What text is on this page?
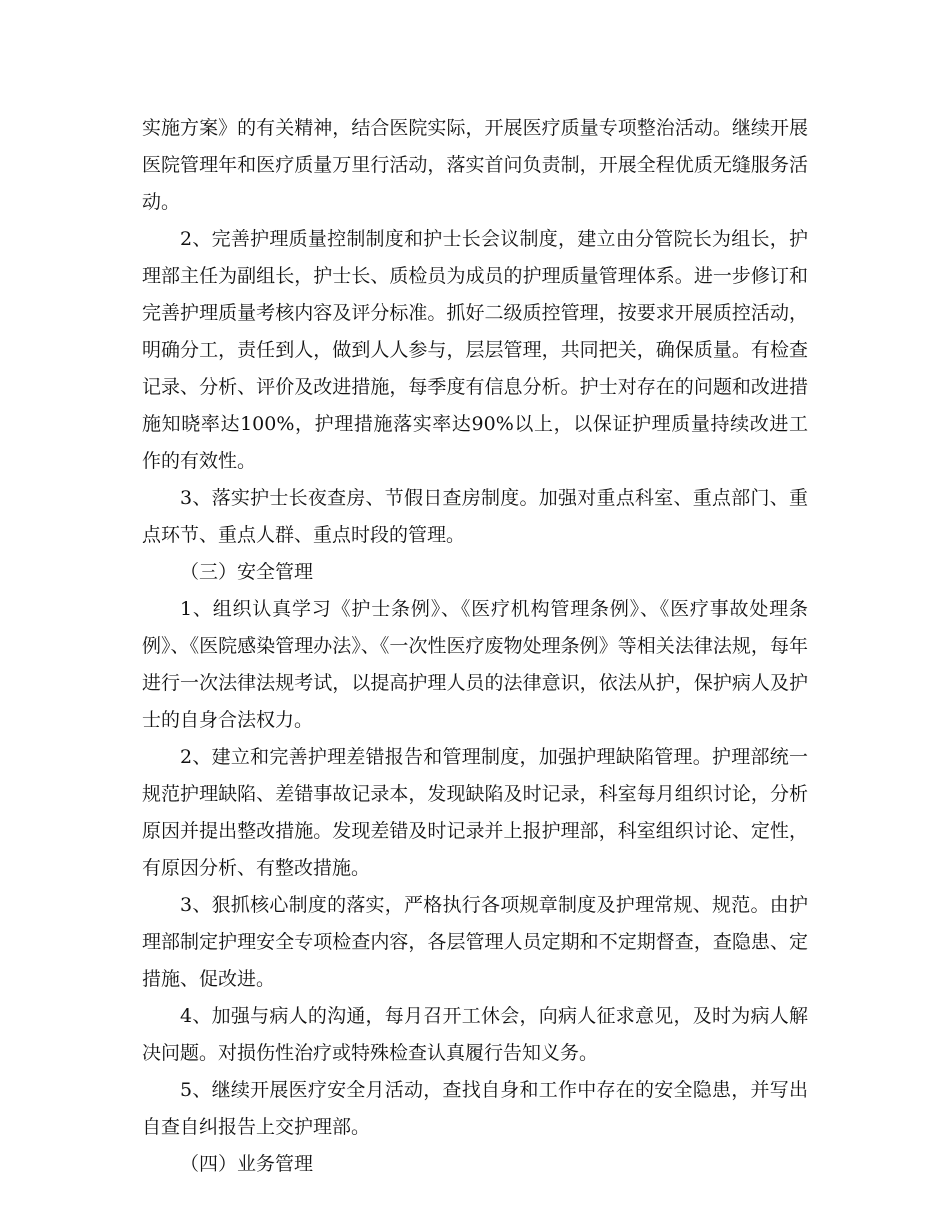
实施方案》的有关精神，结合医院实际，开展医疗质量专项整治活动。继续开展医院管理年和医疗质量万里行活动，落实首问负责制，开展全程优质无缝服务活动。

2、完善护理质量控制制度和护士长会议制度，建立由分管院长为组长，护理部主任为副组长，护士长、质检员为成员的护理质量管理体系。进一步修订和完善护理质量考核内容及评分标准。抓好二级质控管理，按要求开展质控活动，明确分工，责任到人，做到人人参与，层层管理，共同把关，确保质量。有检查记录、分析、评价及改进措施，每季度有信息分析。护士对存在的问题和改进措施知晓率达100%，护理措施落实率达90%以上，以保证护理质量持续改进工作的有效性。

3、落实护士长夜查房、节假日查房制度。加强对重点科室、重点部门、重点环节、重点人群、重点时段的管理。

（三）安全管理

1、组织认真学习《护士条例》、《医疗机构管理条例》、《医疗事故处理条例》、《医院感染管理办法》、《一次性医疗废物处理条例》等相关法律法规，每年进行一次法律法规考试，以提高护理人员的法律意识，依法从护，保护病人及护士的自身合法权力。

2、建立和完善护理差错报告和管理制度，加强护理缺陷管理。护理部统一规范护理缺陷、差错事故记录本，发现缺陷及时记录，科室每月组织讨论，分析原因并提出整改措施。发现差错及时记录并上报护理部，科室组织讨论、定性，有原因分析、有整改措施。

3、狠抓核心制度的落实，严格执行各项规章制度及护理常规、规范。由护理部制定护理安全专项检查内容，各层管理人员定期和不定期督查，查隐患、定措施、促改进。

4、加强与病人的沟通，每月召开工休会，向病人征求意见，及时为病人解决问题。对损伤性治疗或特殊检查认真履行告知义务。

5、继续开展医疗安全月活动，查找自身和工作中存在的安全隐患，并写出自查自纠报告上交护理部。

（四）业务管理
